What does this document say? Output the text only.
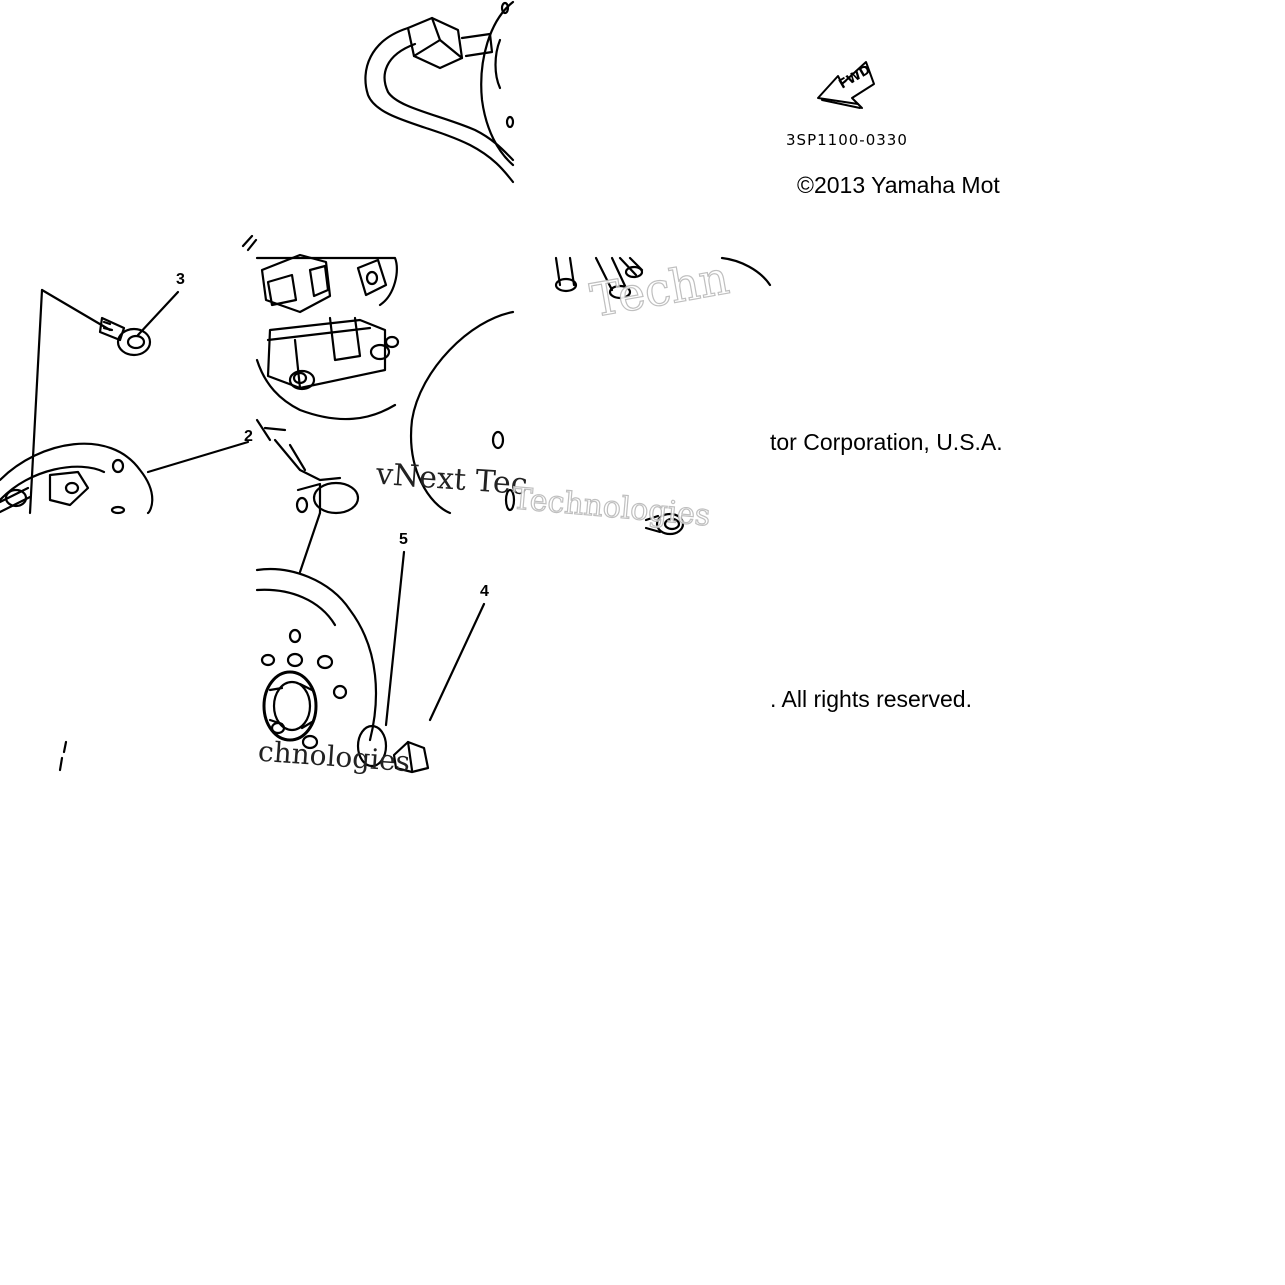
3SP1100-0330
FWD
3
2
5
4
©2013 Yamaha Mot
tor Corporation, U.S.A.
. All rights reserved.
Techn
vNext Tec
Technologies
chnologies
